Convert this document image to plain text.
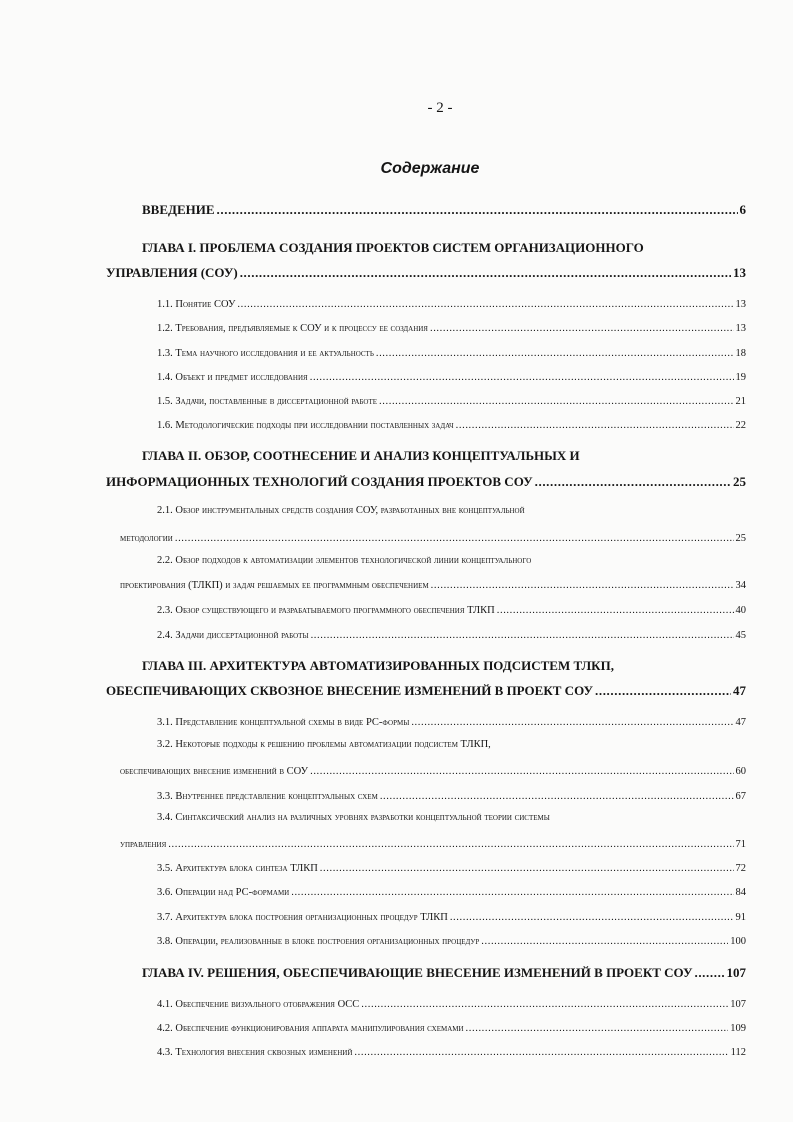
- 2 -
Содержание
ВВЕДЕНИЕ .....	6
ГЛАВА I. ПРОБЛЕМА СОЗДАНИЯ ПРОЕКТОВ СИСТЕМ ОРГАНИЗАЦИОННОГО
УПРАВЛЕНИЯ (СОУ) .....	13
1.1. Понятие СОУ .....	13
1.2. Требования, предъявляемые к СОУ и к процессу ее создания .....	13
1.3. Тема научного исследования и ее актуальность .....	18
1.4. Объект и предмет исследования .....	19
1.5. Задачи, поставленные в диссертационной работе .....	21
1.6. Методологические подходы при исследовании поставленных задач .....	22
ГЛАВА II. ОБЗОР, СООТНЕСЕНИЕ И АНАЛИЗ КОНЦЕПТУАЛЬНЫХ И
ИНФОРМАЦИОННЫХ ТЕХНОЛОГИЙ СОЗДАНИЯ ПРОЕКТОВ СОУ .....	25
2.1. Обзор инструментальных средств создания СОУ, разработанных вне концептуальной
методологии .....	25
2.2. Обзор подходов к автоматизации элементов технологической линии концептуального
проектирования (ТЛКП) и задач решаемых ее программным обеспечением .....	34
2.3. Обзор существующего и разрабатываемого программного обеспечения ТЛКП .....	40
2.4. Задачи диссертационной работы .....	45
ГЛАВА III. АРХИТЕКТУРА АВТОМАТИЗИРОВАННЫХ ПОДСИСТЕМ ТЛКП,
ОБЕСПЕЧИВАЮЩИХ СКВОЗНОЕ ВНЕСЕНИЕ ИЗМЕНЕНИЙ В ПРОЕКТ СОУ .....	47
3.1. Представление концептуальной схемы в виде РС-формы .....	47
3.2. Некоторые подходы к решению проблемы автоматизации подсистем ТЛКП,
обеспечивающих внесение изменений в СОУ .....	60
3.3. Внутреннее представление концептуальных схем .....	67
3.4. Синтаксический анализ на различных уровнях разработки концептуальной теории системы
управления .....	71
3.5. Архитектура блока синтеза ТЛКП .....	72
3.6. Операции над РС-формами .....	84
3.7. Архитектура блока построения организационных процедур ТЛКП .....	91
3.8. Операции, реализованные в блоке построения организационных процедур .....	100
ГЛАВА IV. РЕШЕНИЯ, ОБЕСПЕЧИВАЮЩИЕ ВНЕСЕНИЕ ИЗМЕНЕНИЙ В ПРОЕКТ СОУ .....	107
4.1. Обеспечение визуального отображения ОСС .....	107
4.2. Обеспечение функционирования аппарата манипулирования схемами .....	109
4.3. Технология внесения сквозных изменений .....	112
